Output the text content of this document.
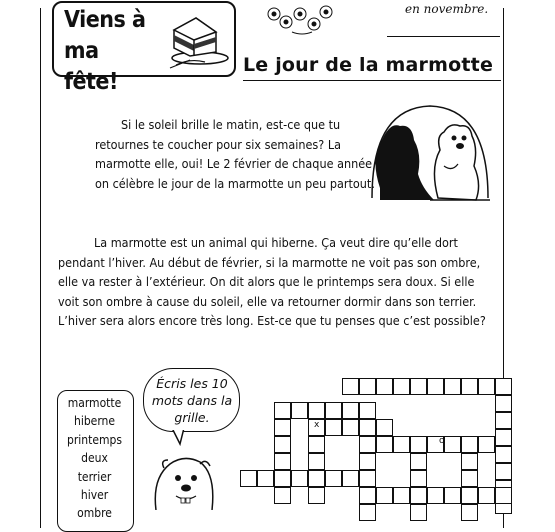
Viens à
ma fête!
en novembre.
Le jour de la marmotte
Si le soleil brille le matin, est-ce que tu retournes te coucher pour six semaines? La marmotte elle, oui! Le 2 février de chaque année, on célèbre le jour de la marmotte un peu partout.
La marmotte est un animal qui hiberne. Ça veut dire qu’elle dort pendant l’hiver. Au début de février, si la marmotte ne voit pas son ombre, elle va rester à l’extérieur. On dit alors que le printemps sera doux. Si elle voit son ombre à cause du soleil, elle va retourner dormir dans son terrier. L’hiver sera alors encore très long. Est-ce que tu penses que c’est possible?
marmotte
hiberne
printemps
deux
terrier
hiver
ombre
Écris les 10 mots dans la grille.	x
o
